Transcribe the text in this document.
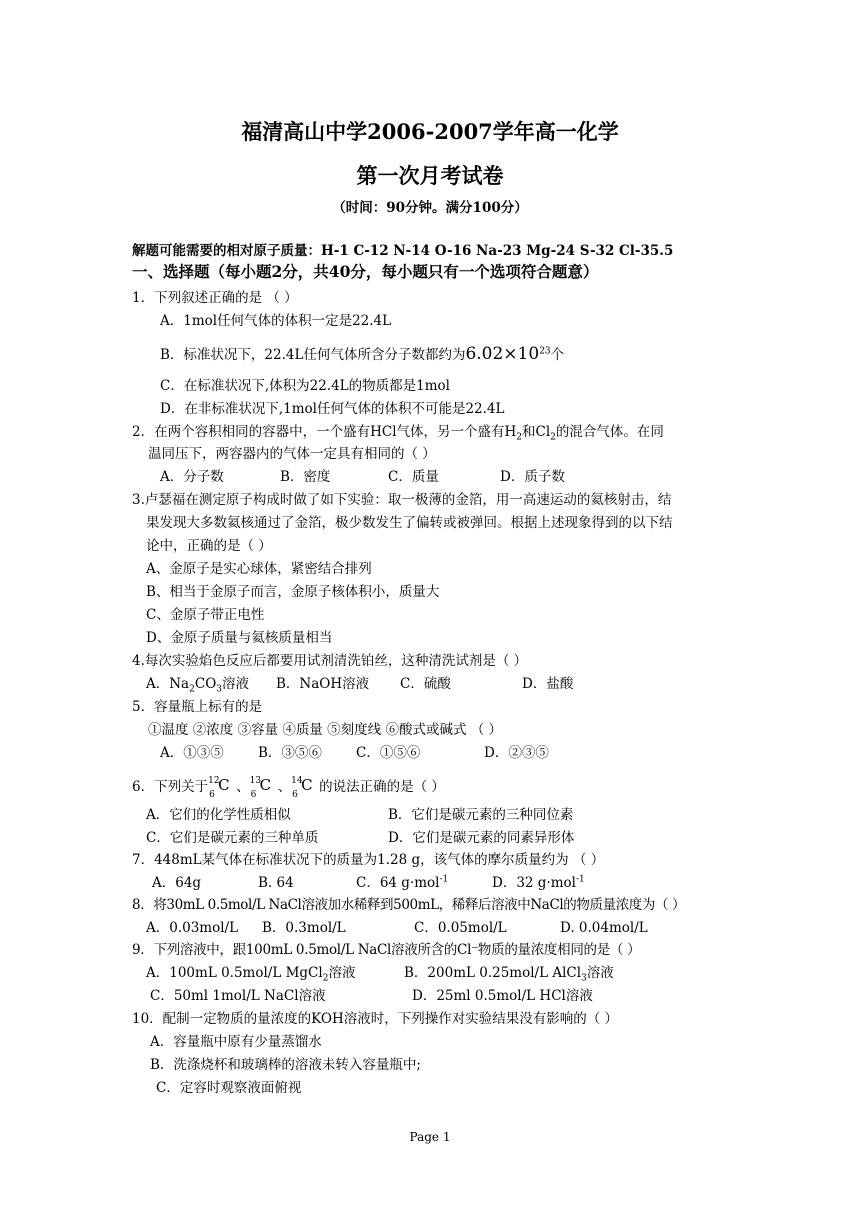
福清高山中学2006-2007学年高一化学
第一次月考试卷
（时间：90分钟。满分100分）
解题可能需要的相对原子质量：H-1 C-12 N-14 O-16 Na-23 Mg-24 S-32 Cl-35.5
一、选择题（每小题2分，共40分，每小题只有一个选项符合题意）
1．下列叙述正确的是 （ ）
A．1mol任何气体的体积一定是22.4L
B．标准状况下，22.4L任何气体所含分子数都约为$6.02\times 10^{23}$个
C．在标准状况下,体积为22.4L的物质都是1mol
D．在非标准状况下,1mol任何气体的体积不可能是22.4L
2．在两个容积相同的容器中，一个盛有HCl气体，另一个盛有$H_2$和$Cl_2$的混合气体。在同
温同压下，两容器内的气体一定具有相同的（ ）
A．分子数	B．密度	C．质量	D．质子数
3.卢瑟福在测定原子构成时做了如下实验：取一极薄的金箔，用一高速运动的氦核射击，结
果发现大多数氦核通过了金箔，极少数发生了偏转或被弹回。根据上述现象得到的以下结
论中，正确的是（ ）
A、金原子是实心球体，紧密结合排列
B、相当于金原子而言，金原子核体积小，质量大
C、金原子带正电性
D、金原子质量与氦核质量相当
4.每次实验焰色反应后都要用试剂清洗铂丝，这种清洗试剂是（ ）
A．$Na_2CO_3$溶液 B．NaOH溶液 C．硫酸	D．盐酸
5．容量瓶上标有的是
①温度 ②浓度 ③容量 ④质量 ⑤刻度线 ⑥酸式或碱式 （ ）
A．①③⑤	B．③⑤⑥	C．①⑤⑥	D．②③⑤
6．下列关于 12
6
C 、 13
6
C 、 14
6
C 的说法正确的是（ ）
A．它们的化学性质相似	B．它们是碳元素的三种同位素
C．它们是碳元素的三种单质	D．它们是碳元素的同素异形体
7．448mL某气体在标准状况下的质量为1.28 g，该气体的摩尔质量约为 （ ）
A．64g	B. 64	C．64 g·mol$^{-1}$	D．32 g·mol$^{-1}$
8．将30mL 0.5mol/L NaCl溶液加水稀释到500mL，稀释后溶液中NaCl的物质量浓度为（ ）
A．0.03mol/L B．0.3mol/L	C．0.05mol/L	D. 0.04mol/L
9．下列溶液中，跟100mL 0.5mol/L NaCl溶液所含的Cl⁻物质的量浓度相同的是（ ）
A．100mL 0.5mol/L MgCl$_2$溶液	B．200mL 0.25mol/L AlCl$_3$溶液
C．50ml 1mol/L NaCl溶液	D．25ml 0.5mol/L HCl溶液
10．配制一定物质的量浓度的KOH溶液时，下列操作对实验结果没有影响的（ ）
A．容量瓶中原有少量蒸馏水
B．洗涤烧杯和玻璃棒的溶液未转入容量瓶中;
C．定容时观察液面俯视
Page 1
